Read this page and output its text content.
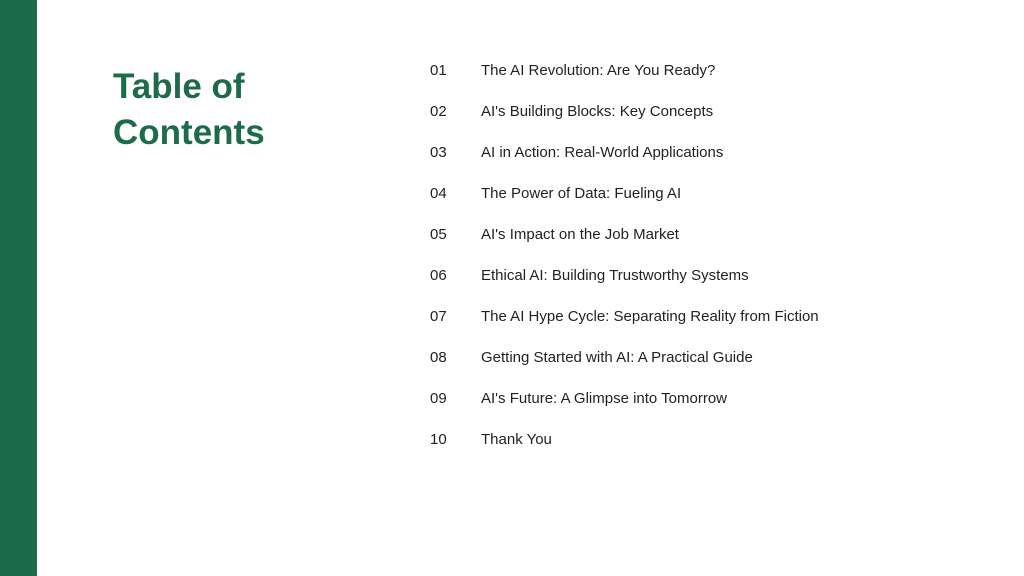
Table of Contents
01	The AI Revolution: Are You Ready?
02	AI's Building Blocks: Key Concepts
03	AI in Action: Real-World Applications
04	The Power of Data: Fueling AI
05	AI's Impact on the Job Market
06	Ethical AI: Building Trustworthy Systems
07	The AI Hype Cycle: Separating Reality from Fiction
08	Getting Started with AI: A Practical Guide
09	AI's Future: A Glimpse into Tomorrow
10	Thank You
